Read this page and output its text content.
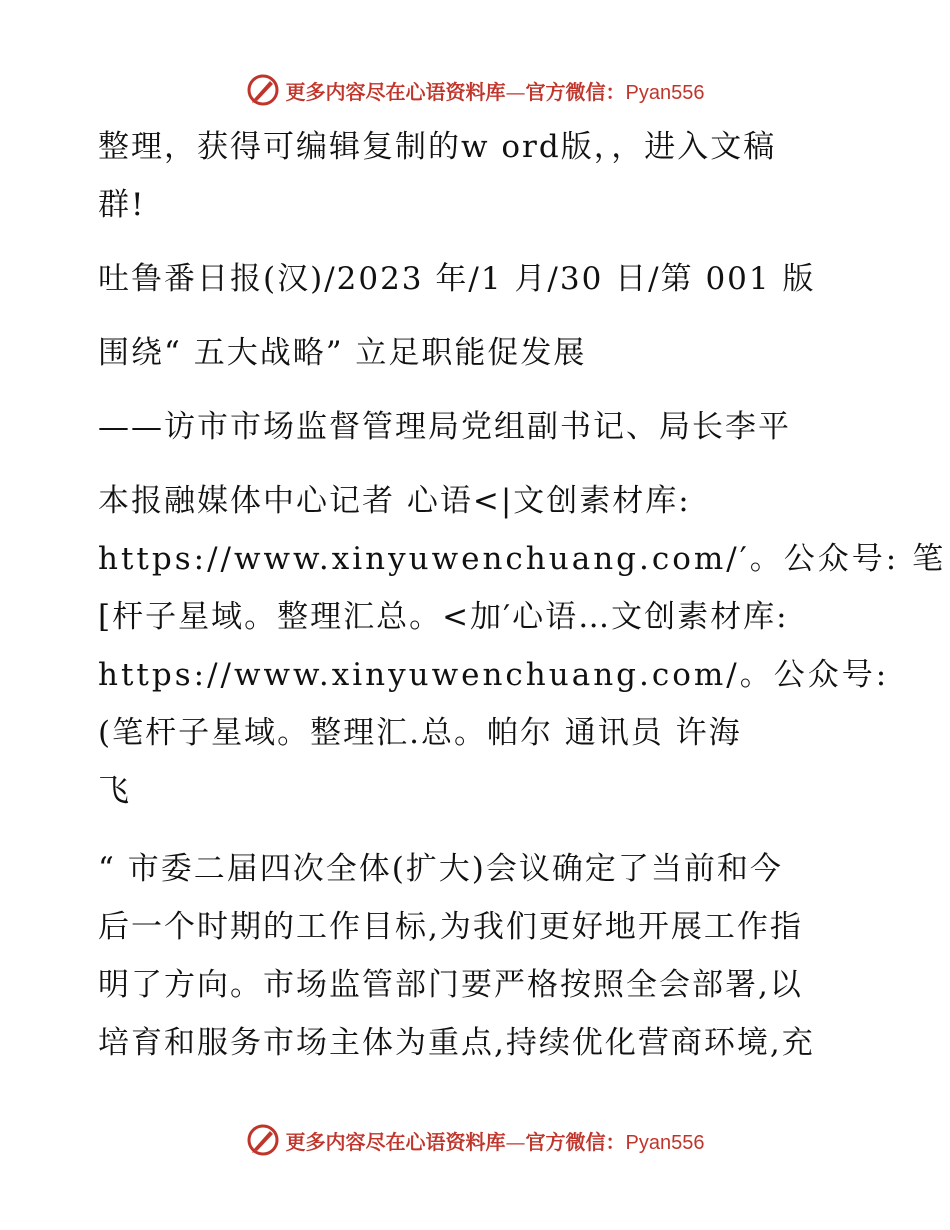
更多内容尽在心语资料库—官方微信：Pyan556
整理，获得可编辑复制的w ord版，，进入文稿
群!
吐鲁番日报(汉)/2023 年/1 月/30 日/第 001 版
围绕“ 五大战略” 立足职能促发展
——访市市场监督管理局党组副书记、局长李平
本报融媒体中心记者 心语<|文创素材库:
https://www.xinyuwenchuang.com/′。公众号: 笔
[杆子星域。整理汇总。<加′心语…文创素材库:
https://www.xinyuwenchuang.com/。公众号:
(笔杆子星域。整理汇.总。帕尔 通讯员 许海
飞
“ 市委二届四次全体(扩大)会议确定了当前和今
后一个时期的工作目标,为我们更好地开展工作指
明了方向。市场监管部门要严格按照全会部署,以
培育和服务市场主体为重点,持续优化营商环境,充
更多内容尽在心语资料库—官方微信：Pyan556
